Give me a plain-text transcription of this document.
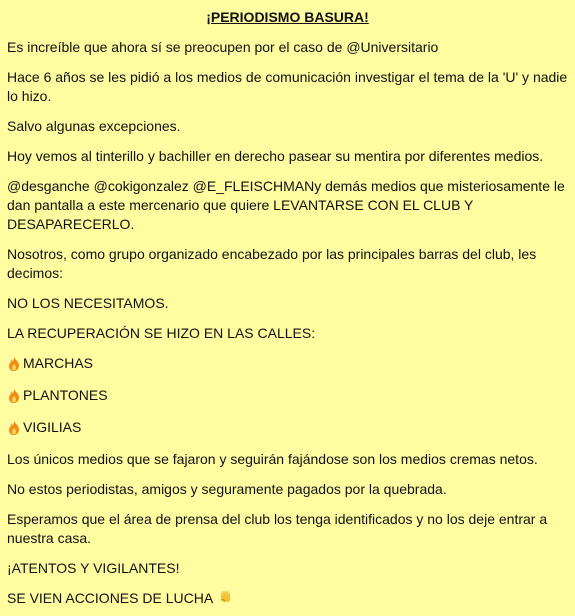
¡PERIODISMO BASURA!
Es increíble que ahora sí se preocupen por el caso de @Universitario
Hace 6 años se les pidió a los medios de comunicación investigar el tema de la 'U' y nadie lo hizo.
Salvo algunas excepciones.
Hoy vemos al tinterillo y bachiller en derecho pasear su mentira por diferentes medios.
@desganche @cokigonzalez @E_FLEISCHMANy demás medios que misteriosamente le dan pantalla a este mercenario que quiere LEVANTARSE CON EL CLUB Y DESAPARECERLO.
Nosotros, como grupo organizado encabezado por las principales barras del club, les decimos:
NO LOS NECESITAMOS.
LA RECUPERACIÓN SE HIZO EN LAS CALLES:
MARCHAS
PLANTONES
VIGILIAS
Los únicos medios que se fajaron y seguirán fajándose son los medios cremas netos.
No estos periodistas, amigos y seguramente pagados por la quebrada.
Esperamos que el área de prensa del club los tenga identificados y no los deje entrar a nuestra casa.
¡ATENTOS Y VIGILANTES!
SE VIEN ACCIONES DE LUCHA
